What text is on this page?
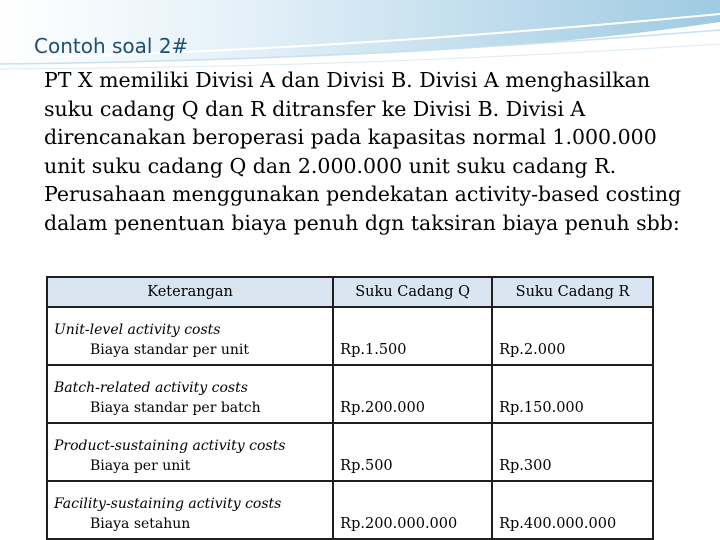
Contoh soal 2#

PT X memiliki Divisi A dan Divisi B. Divisi A menghasilkan suku cadang Q dan R ditransfer ke Divisi B. Divisi A direncanakan beroperasi pada kapasitas normal 1.000.000 unit suku cadang Q dan 2.000.000 unit suku cadang R. Perusahaan menggunakan pendekatan activity-based costing dalam penentuan biaya penuh dgn taksiran biaya penuh sbb:

Keterangan	Suku Cadang Q	Suku Cadang R

Unit-level activity costs
Biaya standar per unit	Rp.1.500	Rp.2.000

Batch-related activity costs
Biaya standar per batch	Rp.200.000	Rp.150.000

Product-sustaining activity costs
Biaya per unit	Rp.500	Rp.300

Facility-sustaining activity costs
Biaya setahun	Rp.200.000.000	Rp.400.000.000
